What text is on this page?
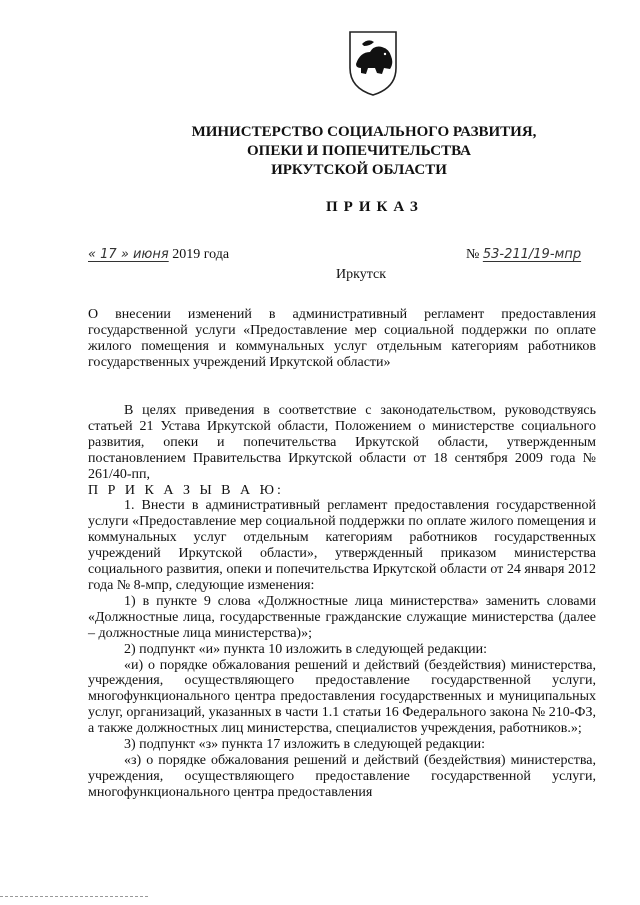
МИНИСТЕРСТВО СОЦИАЛЬНОГО РАЗВИТИЯ,
ОПЕКИ И ПОПЕЧИТЕЛЬСТВА
ИРКУТСКОЙ ОБЛАСТИ
ПРИКАЗ
« 17 » июня 2019 года	№ 53-211/19-мпр
Иркутск

О внесении изменений в административный регламент предоставления государственной услуги «Предоставление мер социальной поддержки по оплате жилого помещения и коммунальных услуг отдельным категориям работников государственных учреждений Иркутской области»

В целях приведения в соответствие с законодательством, руководствуясь статьей 21 Устава Иркутской области, Положением о министерстве социального развития, опеки и попечительства Иркутской области, утвержденным постановлением Правительства Иркутской области от 18 сентября 2009 года № 261/40-пп,

П Р И К А З Ы В А Ю:

1. Внести в административный регламент предоставления государственной услуги «Предоставление мер социальной поддержки по оплате жилого помещения и коммунальных услуг отдельным категориям работников государственных учреждений Иркутской области», утвержденный приказом министерства социального развития, опеки и попечительства Иркутской области от 24 января 2012 года № 8-мпр, следующие изменения:

1) в пункте 9 слова «Должностные лица министерства» заменить словами «Должностные лица, государственные гражданские служащие министерства (далее – должностные лица министерства)»;

2) подпункт «и» пункта 10 изложить в следующей редакции:

«и) о порядке обжалования решений и действий (бездействия) министерства, учреждения, осуществляющего предоставление государственной услуги, многофункционального центра предоставления государственных и муниципальных услуг, организаций, указанных в части 1.1 статьи 16 Федерального закона № 210-ФЗ, а также должностных лиц министерства, специалистов учреждения, работников.»;

3) подпункт «з» пункта 17 изложить в следующей редакции:

«з) о порядке обжалования решений и действий (бездействия) министерства, учреждения, осуществляющего предоставление государственной услуги, многофункционального центра предоставления
